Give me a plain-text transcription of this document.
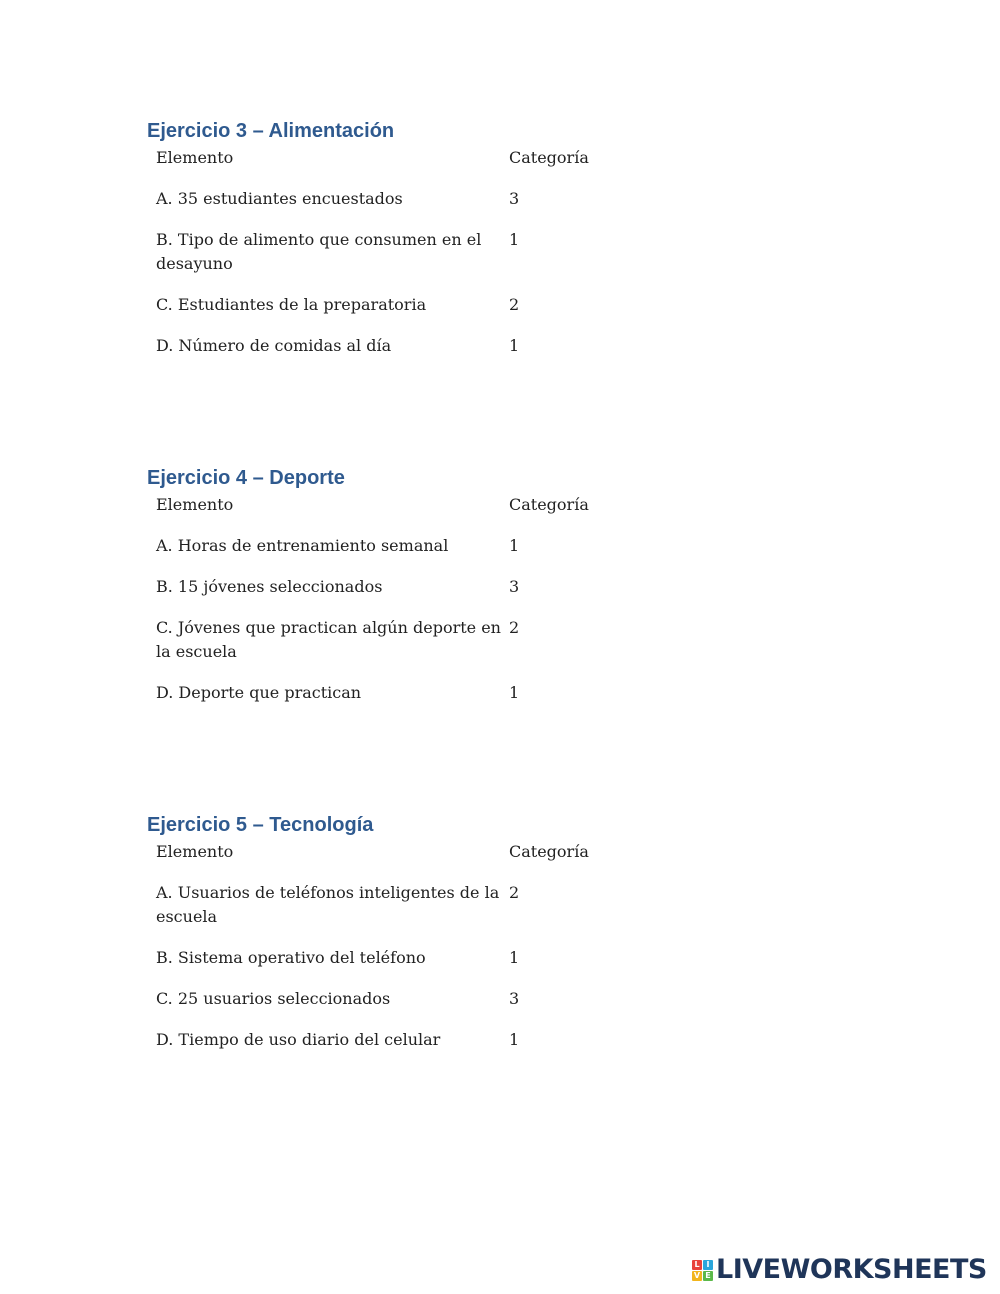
Ejercicio 3 – Alimentación
Elemento	Categoría
A. 35 estudiantes encuestados	3
B. Tipo de alimento que consumen en el desayuno	1
C. Estudiantes de la preparatoria	2
D. Número de comidas al día	1
Ejercicio 4 – Deporte
Elemento	Categoría
A. Horas de entrenamiento semanal	1
B. 15 jóvenes seleccionados	3
C. Jóvenes que practican algún deporte en la escuela	2
D. Deporte que practican	1
Ejercicio 5 – Tecnología
Elemento	Categoría
A. Usuarios de teléfonos inteligentes de la escuela	2
B. Sistema operativo del teléfono	1
C. 25 usuarios seleccionados	3
D. Tiempo de uso diario del celular	1
L I
V E LIVEWORKSHEETS
